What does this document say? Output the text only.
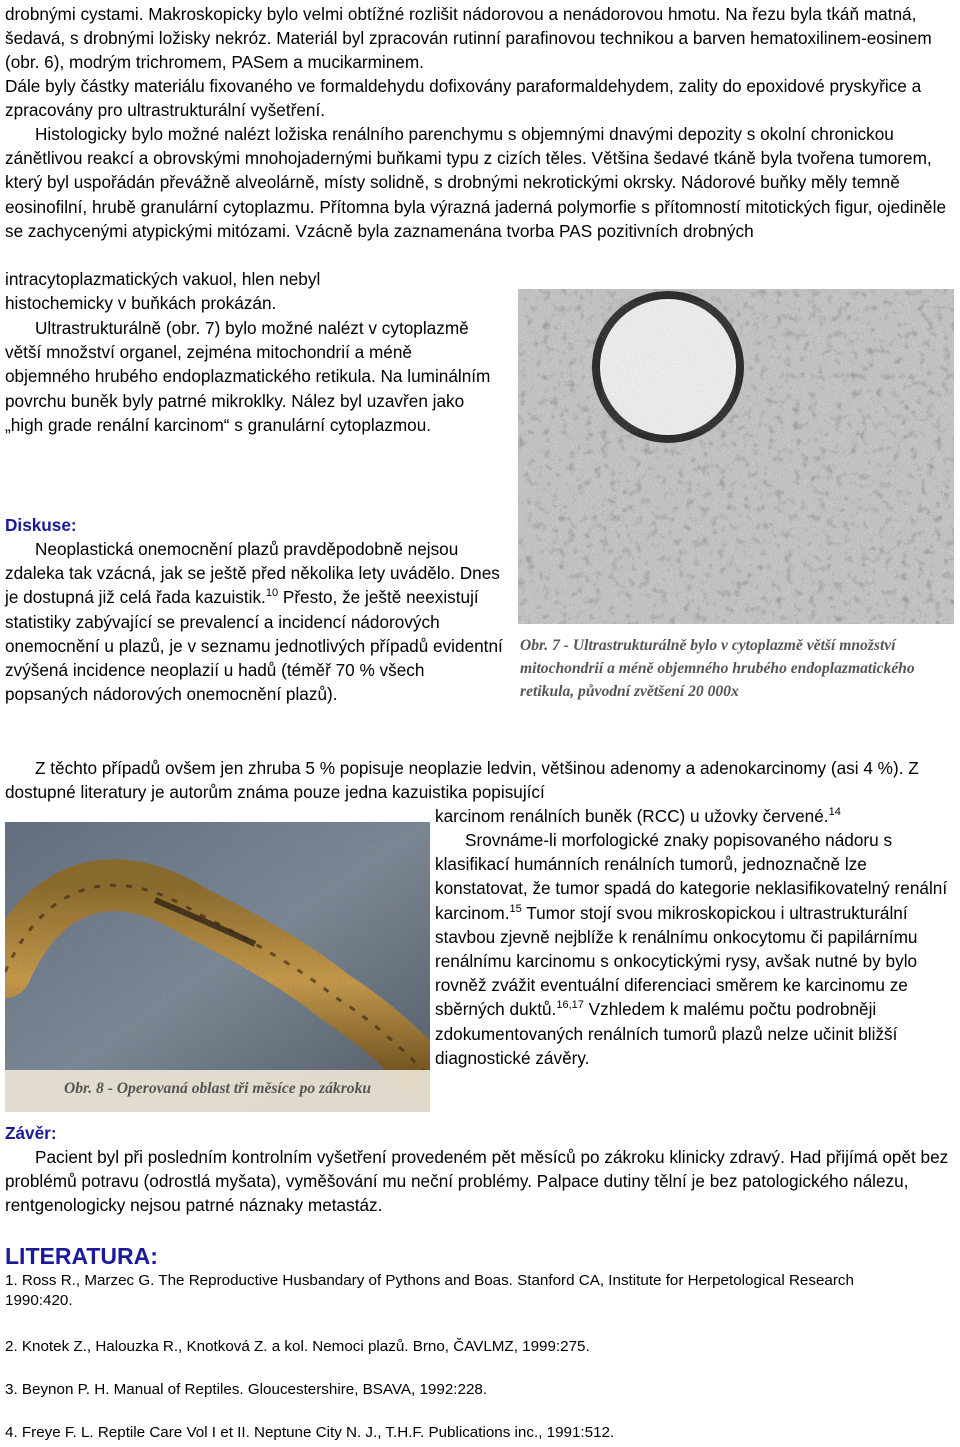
drobnými cystami. Makroskopicky bylo velmi obtížné rozlišit nádorovou a nenádorovou hmotu. Na řezu byla tkáň matná, šedavá, s drobnými ložisky nekróz. Materiál byl zpracován rutinní parafinovou technikou a barven hematoxilinem-eosinem (obr. 6), modrým trichromem, PASem a mucikarminem.

Dále byly částky materiálu fixovaného ve formaldehydu dofixovány paraformaldehydem, zality do epoxidové pryskyřice a zpracovány pro ultrastrukturální vyšetření.

Histologicky bylo možné nalézt ložiska renálního parenchymu s objemnými dnavými depozity s okolní chronickou zánětlivou reakcí a obrovskými mnohojadernými buňkami typu z cizích těles. Většina šedavé tkáně byla tvořena tumorem, který byl uspořádán převážně alveolárně, místy solidně, s drobnými nekrotickými okrsky. Nádorové buňky měly temně eosinofilní, hrubě granulární cytoplazmu. Přítomna byla výrazná jaderná polymorfie s přítomností mitotických figur, ojediněle se zachycenými atypickými mitózami. Vzácně byla zaznamenána tvorba PAS pozitivních drobných

intracytoplazmatických vakuol, hlen nebyl histochemicky v buňkách prokázán.

Ultrastrukturálně (obr. 7) bylo možné nalézt v cytoplazmě větší množství organel, zejména mitochondrií a méně objemného hrubého endoplazmatického retikula. Na luminálním povrchu buněk byly patrné mikroklky. Nález byl uzavřen jako „high grade renální karcinom“ s granulární cytoplazmou.

Obr. 7 - Ultrastrukturálně bylo v cytoplazmě větší množství mitochondrií a méně objemného hrubého endoplazmatického retikula, původní zvětšení 20 000x
Diskuse:

Neoplastická onemocnění plazů pravděpodobně nejsou zdaleka tak vzácná, jak se ještě před několika lety uvádělo. Dnes je dostupná již celá řada kazuistik.$^{10}$ Přesto, že ještě neexistují statistiky zabývající se prevalencí a incidencí nádorových onemocnění u plazů, je v seznamu jednotlivých případů evidentní zvýšená incidence neoplazií u hadů (téměř 70 % všech popsaných nádorových onemocnění plazů).

Z těchto případů ovšem jen zhruba 5 % popisuje neoplazie ledvin, většinou adenomy a adenokarcinomy (asi 4 %). Z dostupné literatury je autorům známa pouze jedna kazuistika popisující

karcinom renálních buněk (RCC) u užovky červené.$^{14}$

Srovnáme-li morfologické znaky popisovaného nádoru s klasifikací humánních renálních tumorů, jednoznačně lze konstatovat, že tumor spadá do kategorie neklasifikovatelný renální karcinom.$^{15}$ Tumor stojí svou mikroskopickou i ultrastrukturální stavbou zjevně nejblíže k renálnímu onkocytomu či papilárnímu renálnímu karcinomu s onkocytickými rysy, avšak nutné by bylo rovněž zvážit eventuální diferenciaci směrem ke karcinomu ze sběrných duktů.$^{16,17}$ Vzhledem k malému počtu podrobněji zdokumentovaných renálních tumorů plazů nelze učinit bližší diagnostické závěry.

Obr. 8 - Operovaná oblast tři měsíce po zákroku
Závěr:

Pacient byl při posledním kontrolním vyšetření provedeném pět měsíců po zákroku klinicky zdravý. Had přijímá opět bez problémů potravu (odrostlá myšata), vyměšování mu neční problémy. Palpace dutiny tělní je bez patologického nálezu, rentgenologicky nejsou patrné náznaky metastáz.

LITERATURA:

1. Ross R., Marzec G. The Reproductive Husbandary of Pythons and Boas. Stanford CA, Institute for Herpetological Research 1990:420.

2. Knotek Z., Halouzka R., Knotková Z. a kol. Nemoci plazů. Brno, ČAVLMZ, 1999:275.

3. Beynon P. H. Manual of Reptiles. Gloucestershire, BSAVA, 1992:228.

4. Freye F. L. Reptile Care Vol I et II. Neptune City N. J., T.H.F. Publications inc., 1991:512.
